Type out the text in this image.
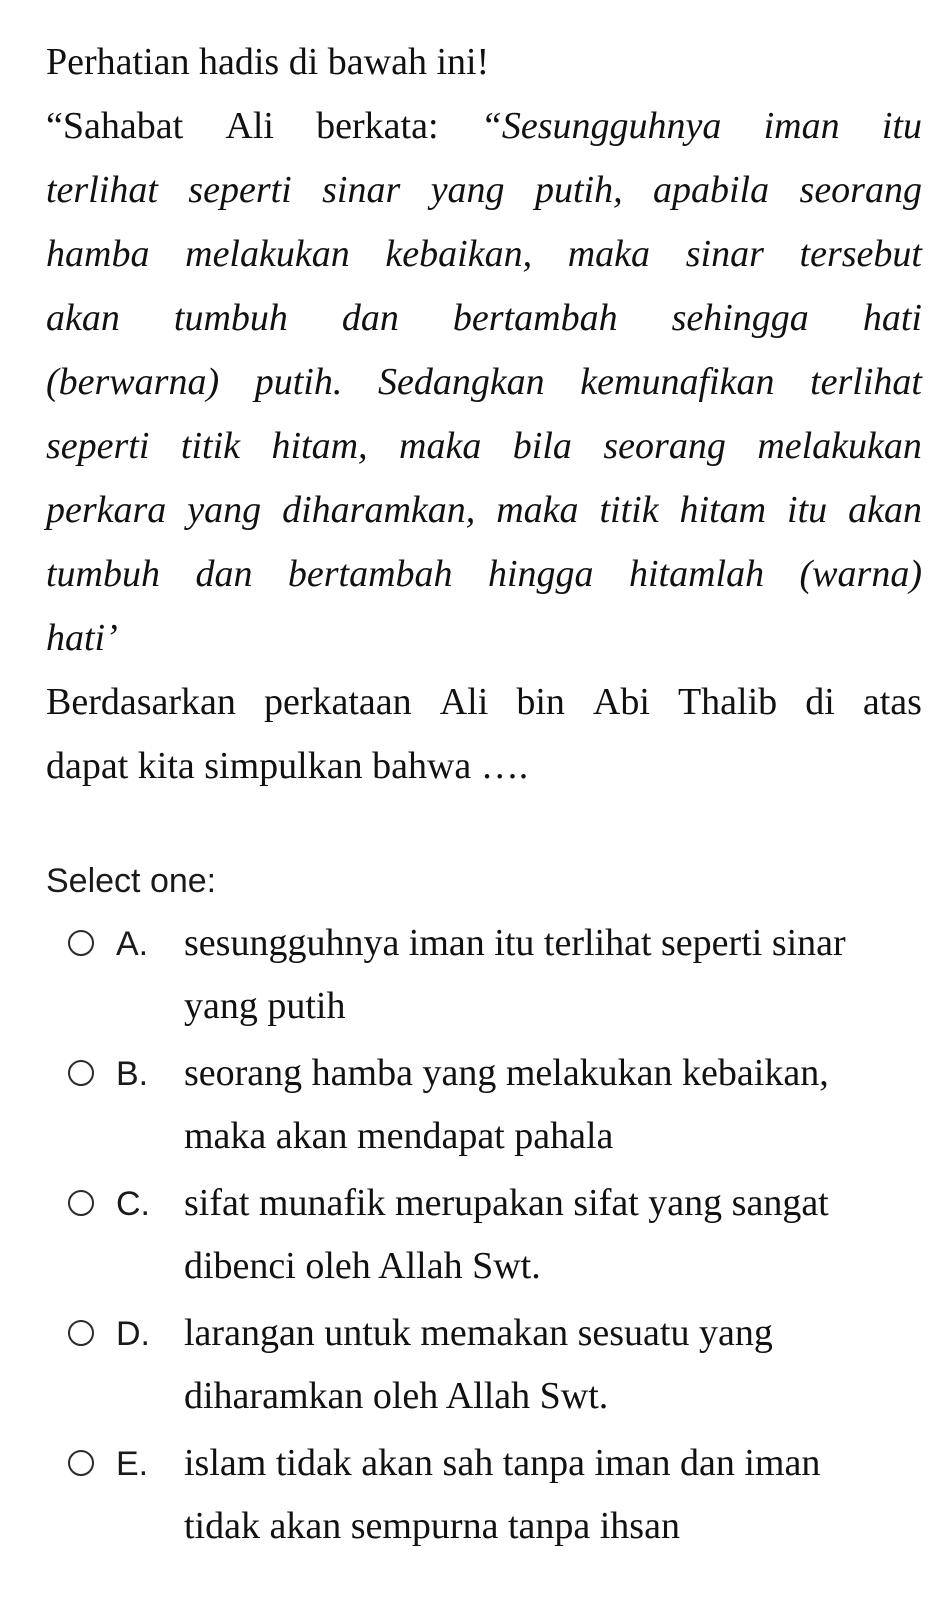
Perhatian hadis di bawah ini!
“Sahabat Ali berkata: “Sesungguhnya iman itu
terlihat seperti sinar yang putih, apabila seorang
hamba melakukan kebaikan, maka sinar tersebut
akan tumbuh dan bertambah sehingga hati
(berwarna) putih. Sedangkan kemunafikan terlihat
seperti titik hitam, maka bila seorang melakukan
perkara yang diharamkan, maka titik hitam itu akan
tumbuh dan bertambah hingga hitamlah (warna)
hati’
Berdasarkan perkataan Ali bin Abi Thalib di atas
dapat kita simpulkan bahwa ….
Select one:
A. sesungguhnya iman itu terlihat seperti sinar
yang putih
B. seorang hamba yang melakukan kebaikan,
maka akan mendapat pahala
C. sifat munafik merupakan sifat yang sangat
dibenci oleh Allah Swt.
D. larangan untuk memakan sesuatu yang
diharamkan oleh Allah Swt.
E. islam tidak akan sah tanpa iman dan iman
tidak akan sempurna tanpa ihsan
